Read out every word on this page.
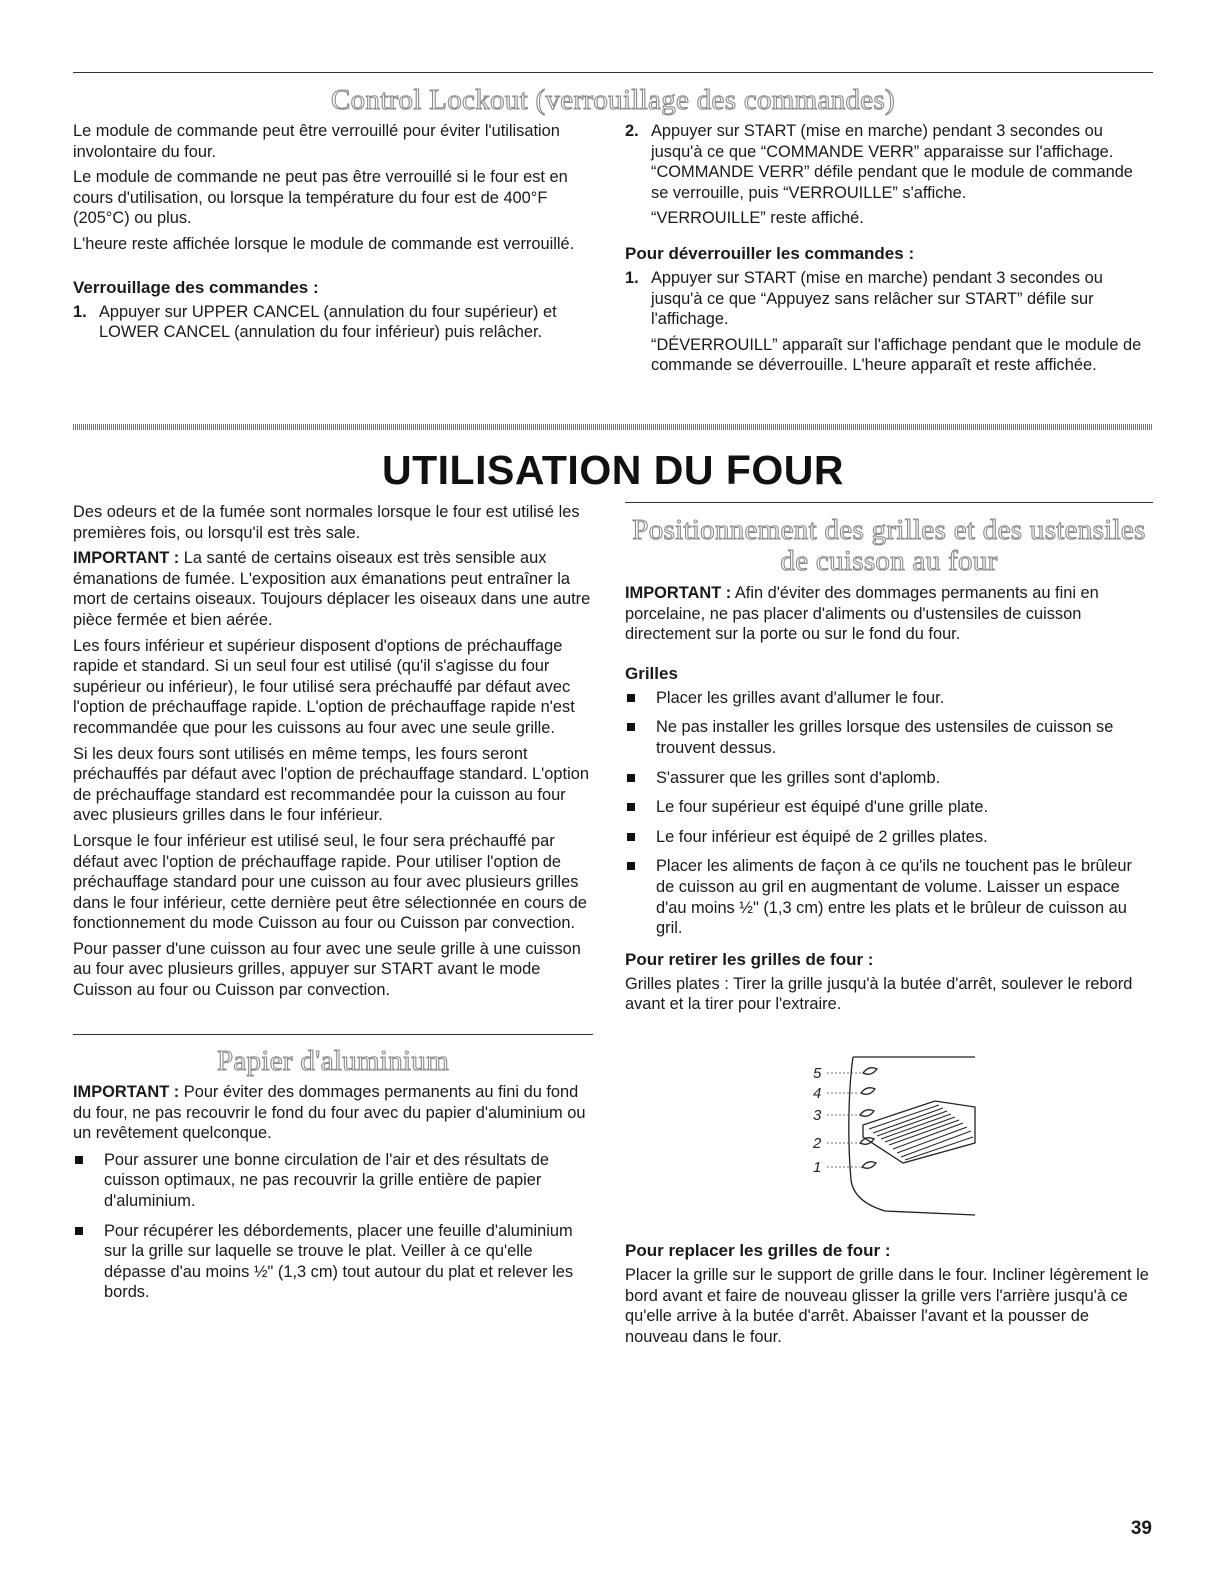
Control Lockout (verrouillage des commandes)

Le module de commande peut être verrouillé pour éviter l'utilisation involontaire du four.

Le module de commande ne peut pas être verrouillé si le four est en cours d'utilisation, ou lorsque la température du four est de 400°F (205°C) ou plus.

L'heure reste affichée lorsque le module de commande est verrouillé.

Verrouillage des commandes :
1. Appuyer sur UPPER CANCEL (annulation du four supérieur) et LOWER CANCEL (annulation du four inférieur) puis relâcher.
2. Appuyer sur START (mise en marche) pendant 3 secondes ou jusqu'à ce que “COMMANDE VERR” apparaisse sur l'affichage. “COMMANDE VERR” défile pendant que le module de commande se verrouille, puis “VERROUILLE” s'affiche.

“VERROUILLE” reste affiché.

Pour déverrouiller les commandes :
1. Appuyer sur START (mise en marche) pendant 3 secondes ou jusqu'à ce que “Appuyez sans relâcher sur START” défile sur l'affichage.

“DÉVERROUILL” apparaît sur l'affichage pendant que le module de commande se déverrouille. L'heure apparaît et reste affichée.

UTILISATION DU FOUR

Des odeurs et de la fumée sont normales lorsque le four est utilisé les premières fois, ou lorsqu'il est très sale.

IMPORTANT : La santé de certains oiseaux est très sensible aux émanations de fumée. L'exposition aux émanations peut entraîner la mort de certains oiseaux. Toujours déplacer les oiseaux dans une autre pièce fermée et bien aérée.

Les fours inférieur et supérieur disposent d'options de préchauffage rapide et standard. Si un seul four est utilisé (qu'il s'agisse du four supérieur ou inférieur), le four utilisé sera préchauffé par défaut avec l'option de préchauffage rapide. L'option de préchauffage rapide n'est recommandée que pour les cuissons au four avec une seule grille.

Si les deux fours sont utilisés en même temps, les fours seront préchauffés par défaut avec l'option de préchauffage standard. L'option de préchauffage standard est recommandée pour la cuisson au four avec plusieurs grilles dans le four inférieur.

Lorsque le four inférieur est utilisé seul, le four sera préchauffé par défaut avec l'option de préchauffage rapide. Pour utiliser l'option de préchauffage standard pour une cuisson au four avec plusieurs grilles dans le four inférieur, cette dernière peut être sélectionnée en cours de fonctionnement du mode Cuisson au four ou Cuisson par convection.

Pour passer d'une cuisson au four avec une seule grille à une cuisson au four avec plusieurs grilles, appuyer sur START avant le mode Cuisson au four ou Cuisson par convection.

Papier d'aluminium

IMPORTANT : Pour éviter des dommages permanents au fini du fond du four, ne pas recouvrir le fond du four avec du papier d'aluminium ou un revêtement quelconque.

Pour assurer une bonne circulation de l'air et des résultats de cuisson optimaux, ne pas recouvrir la grille entière de papier d'aluminium.
Pour récupérer les débordements, placer une feuille d'aluminium sur la grille sur laquelle se trouve le plat. Veiller à ce qu'elle dépasse d'au moins ½" (1,3 cm) tout autour du plat et relever les bords.
Positionnement des grilles et des ustensiles
de cuisson au four

IMPORTANT : Afin d'éviter des dommages permanents au fini en porcelaine, ne pas placer d'aliments ou d'ustensiles de cuisson directement sur la porte ou sur le fond du four.

Grilles
Placer les grilles avant d'allumer le four.
Ne pas installer les grilles lorsque des ustensiles de cuisson se trouvent dessus.
S'assurer que les grilles sont d'aplomb.
Le four supérieur est équipé d'une grille plate.
Le four inférieur est équipé de 2 grilles plates.
Placer les aliments de façon à ce qu'ils ne touchent pas le brûleur de cuisson au gril en augmentant de volume. Laisser un espace d'au moins ½" (1,3 cm) entre les plats et le brûleur de cuisson au gril.
Pour retirer les grilles de four :

Grilles plates : Tirer la grille jusqu'à la butée d'arrêt, soulever le rebord avant et la tirer pour l'extraire.

5
4
3
2
1
Pour replacer les grilles de four :

Placer la grille sur le support de grille dans le four. Incliner légèrement le bord avant et faire de nouveau glisser la grille vers l'arrière jusqu'à ce qu'elle arrive à la butée d'arrêt. Abaisser l'avant et la pousser de nouveau dans le four.

39
